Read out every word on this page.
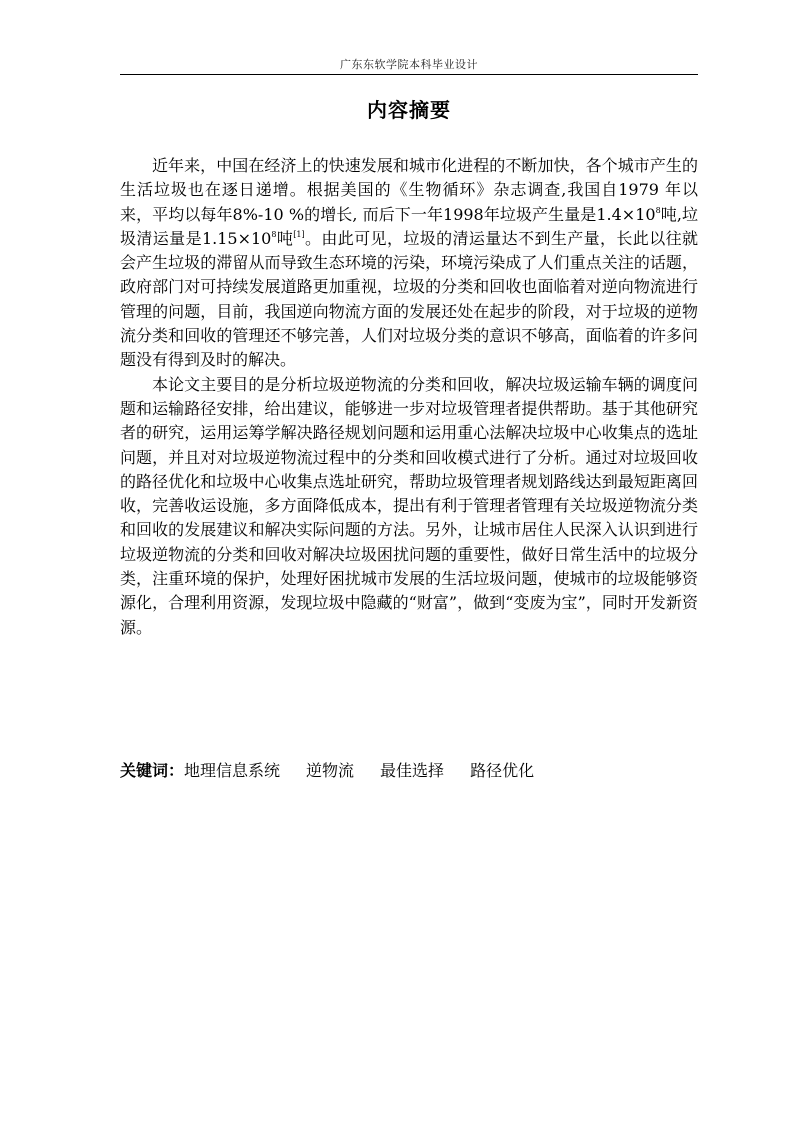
广东东软学院本科毕业设计
内容摘要

近年来，中国在经济上的快速发展和城市化进程的不断加快，各个城市产生的生活垃圾也在逐日递增。根据美国的《生物循环》杂志调查,我国自1979 年以来，平均以每年8%-10 %的增长, 而后下一年1998年垃圾产生量是$1.4\times 10^8$吨,垃圾清运量是$1.15\times 10^8$吨[1]。由此可见，垃圾的清运量达不到生产量，长此以往就会产生垃圾的滞留从而导致生态环境的污染，环境污染成了人们重点关注的话题，政府部门对可持续发展道路更加重视，垃圾的分类和回收也面临着对逆向物流进行管理的问题，目前，我国逆向物流方面的发展还处在起步的阶段，对于垃圾的逆物流分类和回收的管理还不够完善，人们对垃圾分类的意识不够高，面临着的许多问题没有得到及时的解决。

本论文主要目的是分析垃圾逆物流的分类和回收，解决垃圾运输车辆的调度问题和运输路径安排，给出建议，能够进一步对垃圾管理者提供帮助。基于其他研究者的研究，运用运筹学解决路径规划问题和运用重心法解决垃圾中心收集点的选址问题，并且对对垃圾逆物流过程中的分类和回收模式进行了分析。通过对垃圾回收的路径优化和垃圾中心收集点选址研究，帮助垃圾管理者规划路线达到最短距离回收，完善收运设施，多方面降低成本，提出有利于管理者管理有关垃圾逆物流分类和回收的发展建议和解决实际问题的方法。另外，让城市居住人民深入认识到进行垃圾逆物流的分类和回收对解决垃圾困扰问题的重要性，做好日常生活中的垃圾分类，注重环境的保护，处理好困扰城市发展的生活垃圾问题，使城市的垃圾能够资源化，合理利用资源，发现垃圾中隐藏的“财富”，做到“变废为宝”，同时开发新资源。

关键词：地理信息系统 逆物流 最佳选择 路径优化
